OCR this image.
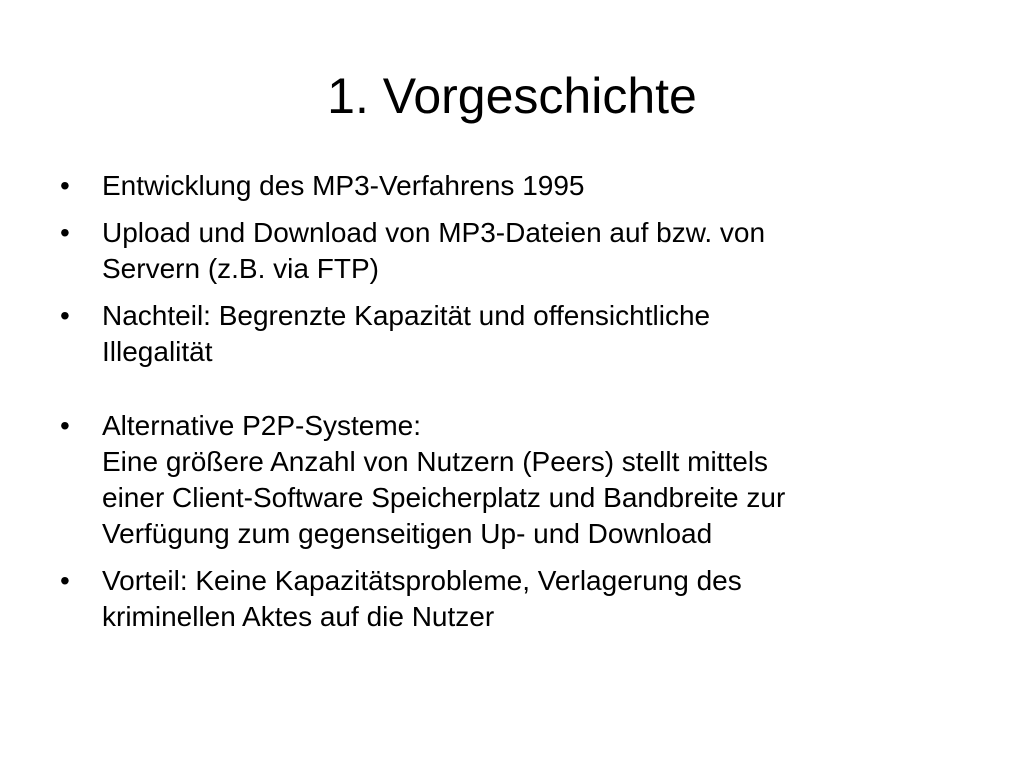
1. Vorgeschichte
•	Entwicklung des MP3-Verfahrens 1995
•	Upload und Download von MP3-Dateien auf bzw. von
Servern (z.B. via FTP)
•	Nachteil: Begrenzte Kapazität und offensichtliche
Illegalität
•	Alternative P2P-Systeme:
Eine größere Anzahl von Nutzern (Peers) stellt mittels
einer Client-Software Speicherplatz und Bandbreite zur
Verfügung zum gegenseitigen Up- und Download
•	Vorteil: Keine Kapazitätsprobleme, Verlagerung des
kriminellen Aktes auf die Nutzer
